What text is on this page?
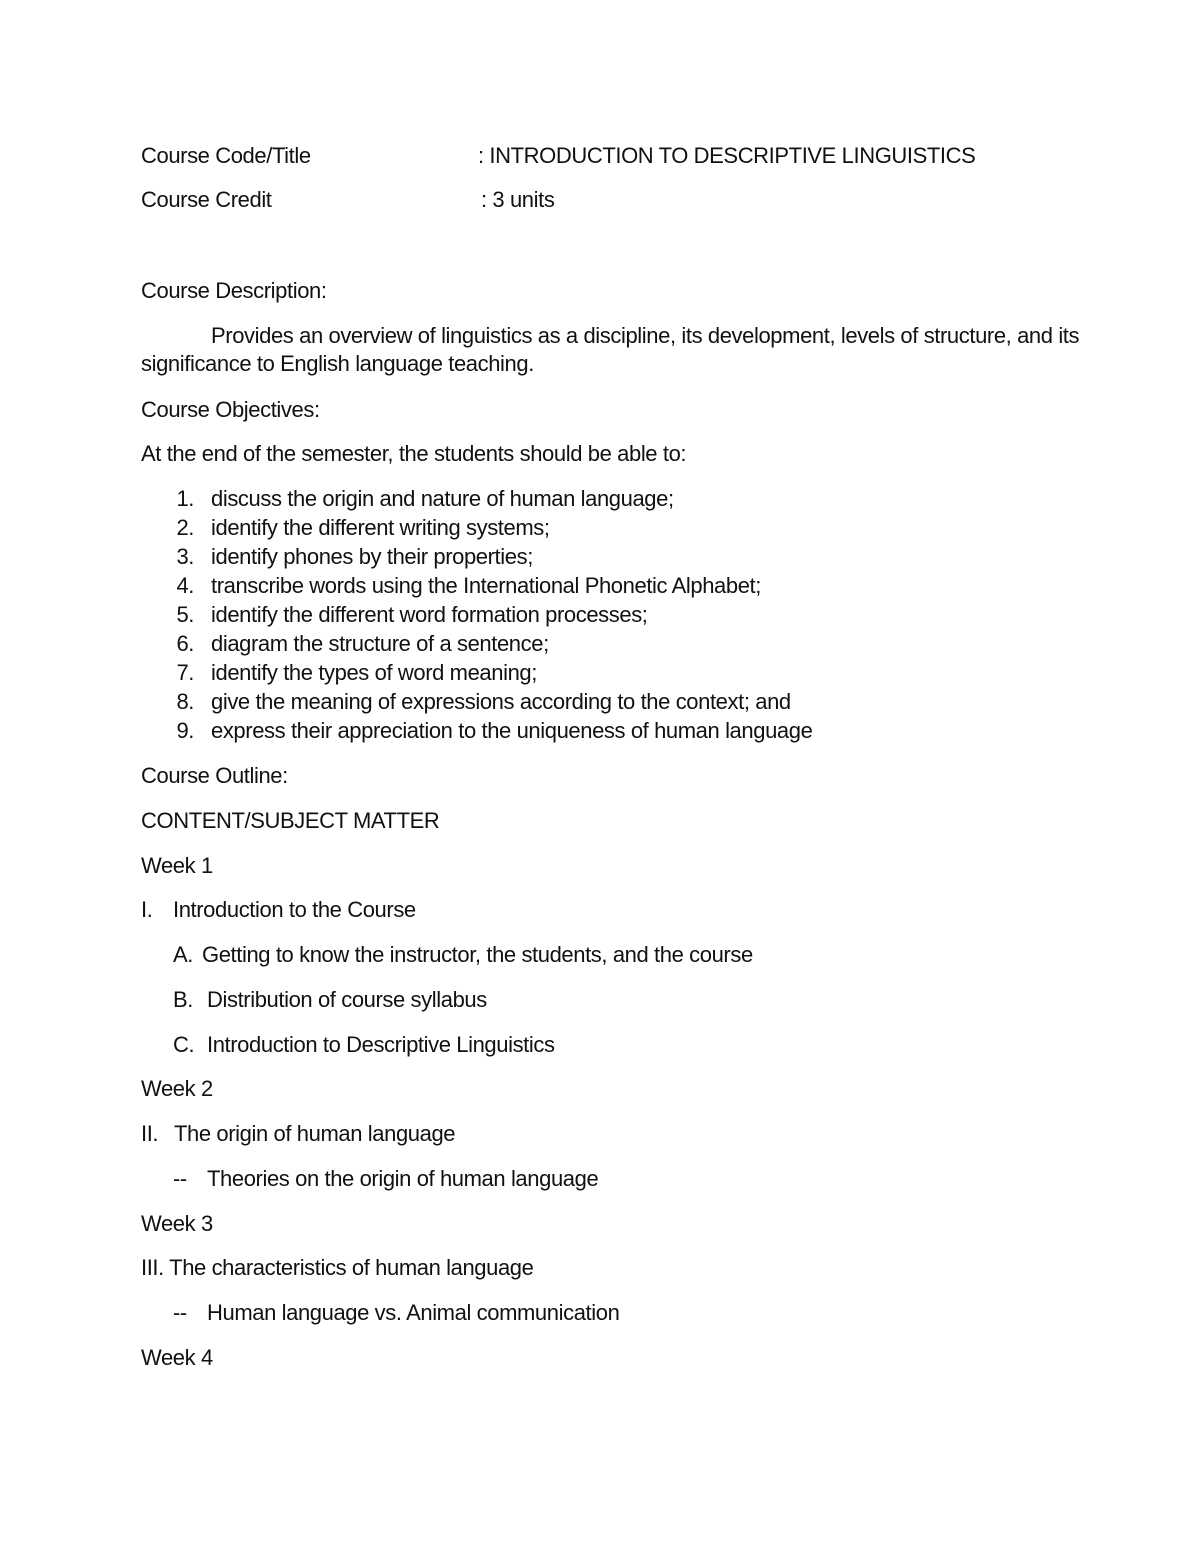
Course Code/Title	: INTRODUCTION TO DESCRIPTIVE LINGUISTICS
Course Credit	: 3 units
Course Description:
Provides an overview of linguistics as a discipline, its development, levels of structure, and its
significance to English language teaching.
Course Objectives:
At the end of the semester, the students should be able to:
1. discuss the origin and nature of human language;
2. identify the different writing systems;
3. identify phones by their properties;
4. transcribe words using the International Phonetic Alphabet;
5. identify the different word formation processes;
6. diagram the structure of a sentence;
7. identify the types of word meaning;
8. give the meaning of expressions according to the context; and
9. express their appreciation to the uniqueness of human language
Course Outline:
CONTENT/SUBJECT MATTER
Week 1
I. Introduction to the Course
A. Getting to know the instructor, the students, and the course
B. Distribution of course syllabus
C. Introduction to Descriptive Linguistics
Week 2
II. The origin of human language
-- Theories on the origin of human language
Week 3
III. The characteristics of human language
-- Human language vs. Animal communication
Week 4
